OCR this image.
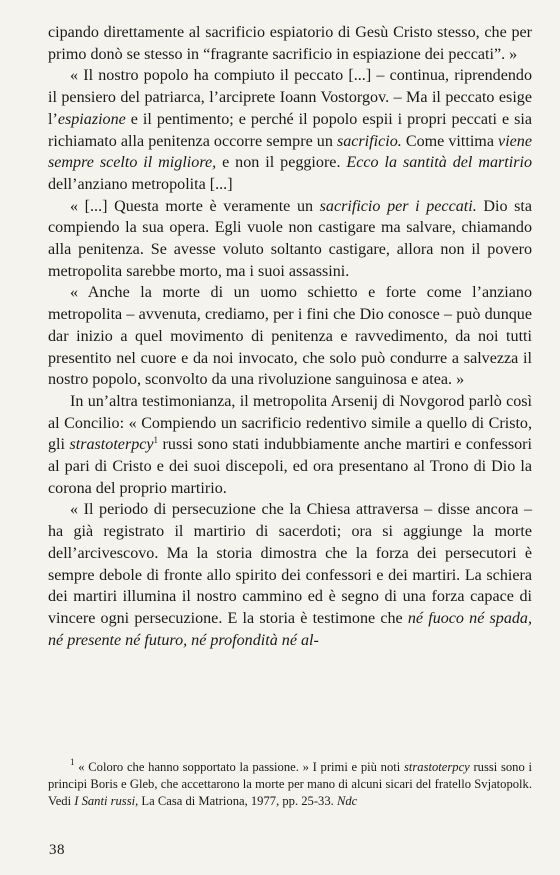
cipando direttamente al sacrificio espiatorio di Gesù Cristo stesso, che per primo donò se stesso in “fragrante sacrificio in espiazione dei peccati”. »

« Il nostro popolo ha compiuto il peccato [...] – continua, riprendendo il pensiero del patriarca, l’arciprete Ioann Vostorgov. – Ma il peccato esige l’espiazione e il pentimento; e perché il popolo espii i propri peccati e sia richiamato alla penitenza occorre sempre un sacrificio. Come vittima viene sempre scelto il migliore, e non il peggiore. Ecco la santità del martirio dell’anziano metropolita [...]

« [...] Questa morte è veramente un sacrificio per i peccati. Dio sta compiendo la sua opera. Egli vuole non castigare ma salvare, chiamando alla penitenza. Se avesse voluto soltanto castigare, allora non il povero metropolita sarebbe morto, ma i suoi assassini.

« Anche la morte di un uomo schietto e forte come l’anziano metropolita – avvenuta, crediamo, per i fini che Dio conosce – può dunque dar inizio a quel movimento di penitenza e ravvedimento, da noi tutti presentito nel cuore e da noi invocato, che solo può condurre a salvezza il nostro popolo, sconvolto da una rivoluzione sanguinosa e atea. »

In un’altra testimonianza, il metropolita Arsenij di Novgorod parlò così al Concilio: « Compiendo un sacrificio redentivo simile a quello di Cristo, gli strastoterpcy$^1$ russi sono stati indubbiamente anche martiri e confessori al pari di Cristo e dei suoi discepoli, ed ora presentano al Trono di Dio la corona del proprio martirio.

« Il periodo di persecuzione che la Chiesa attraversa – disse ancora – ha già registrato il martirio di sacerdoti; ora si aggiunge la morte dell’arcivescovo. Ma la storia dimostra che la forza dei persecutori è sempre debole di fronte allo spirito dei confessori e dei martiri. La schiera dei martiri illumina il nostro cammino ed è segno di una forza capace di vincere ogni persecuzione. E la storia è testimone che né fuoco né spada, né presente né futuro, né profondità né al-

$^1$ « Coloro che hanno sopportato la passione. » I primi e più noti strastoterpcy russi sono i principi Boris e Gleb, che accettarono la morte per mano di alcuni sicari del fratello Svjatopolk. Vedi I Santi russi, La Casa di Matriona, 1977, pp. 25-33. Ndc

38
